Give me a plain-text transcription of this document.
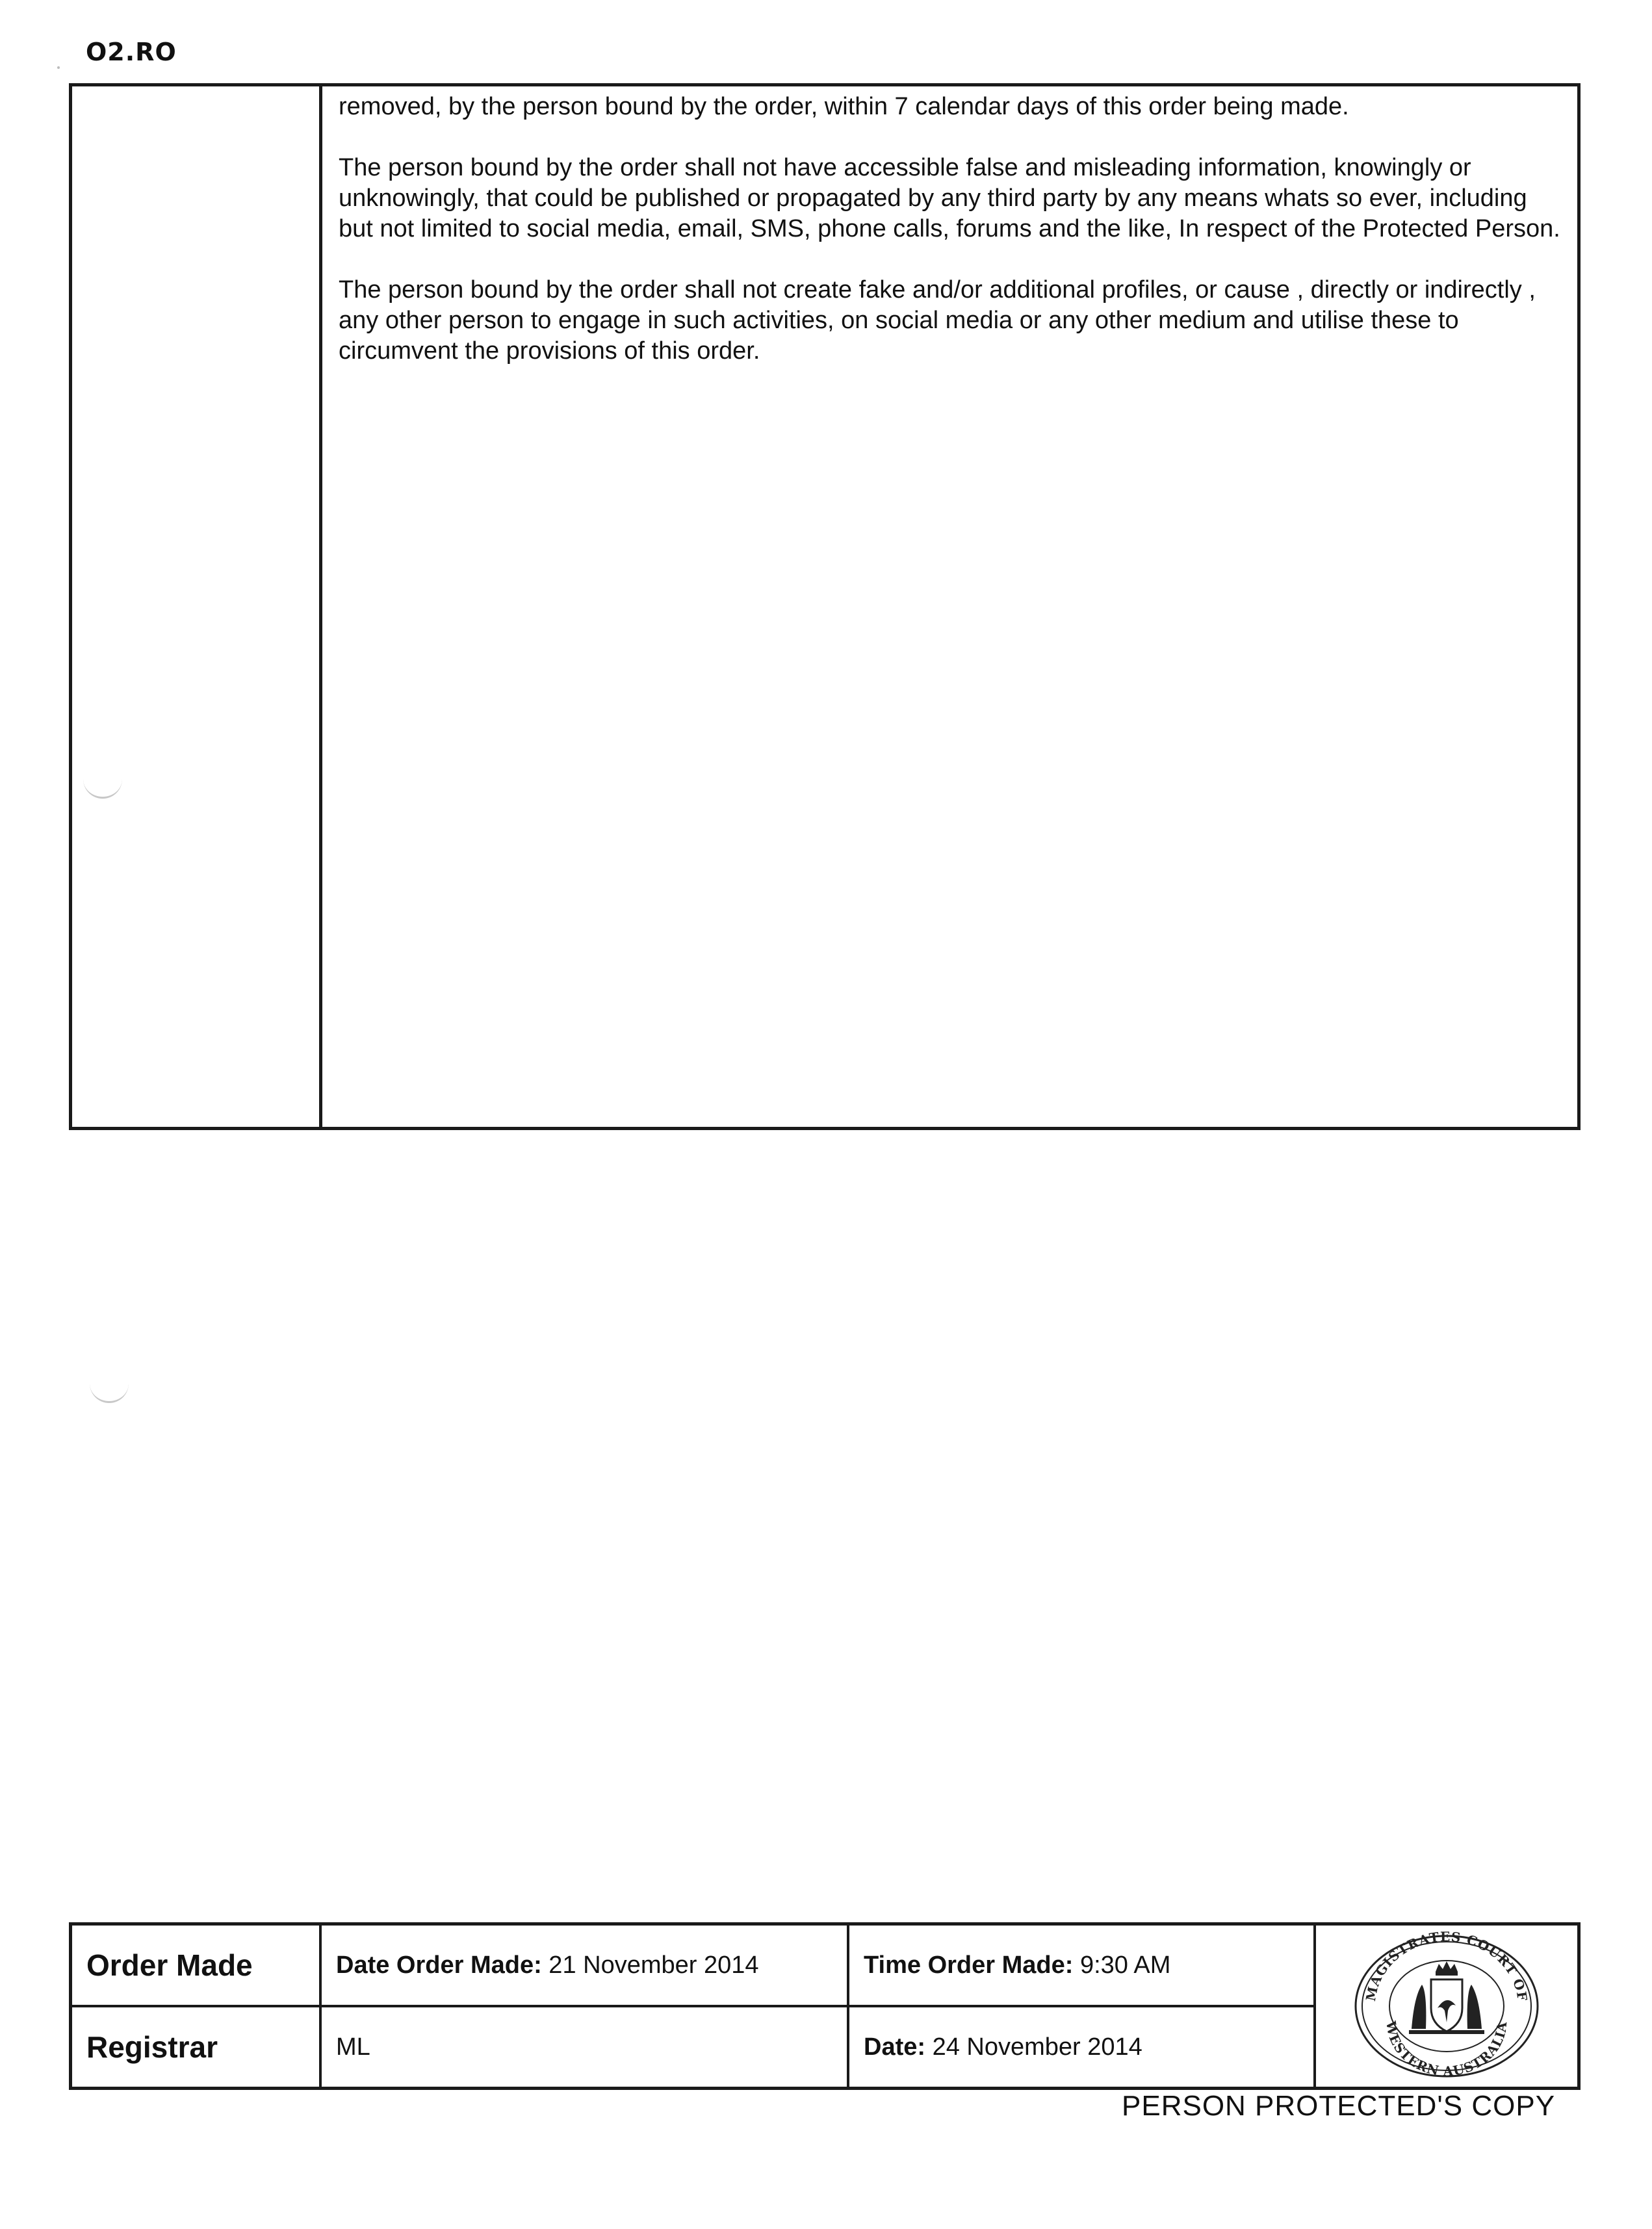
O2.RO

removed, by the person bound by the order, within 7 calendar days of this order being made.

The person bound by the order shall not have accessible false and misleading information, knowingly or unknowingly, that could be published or propagated by any third party by any means whats so ever, including but not limited to social media, email, SMS, phone calls, forums and the like, In respect of the Protected Person.

The person bound by the order shall not create fake and/or additional profiles, or cause , directly or indirectly , any other person to engage in such activities, on social media or any other medium and utilise these to circumvent the provisions of this order.

Order Made	Date Order Made: 21 November 2014	Time Order Made: 9:30 AM
Registrar	ML	Date: 24 November 2014
MAGISTRATES COURT OF
WESTERN AUSTRALIA
PERSON PROTECTED'S COPY
